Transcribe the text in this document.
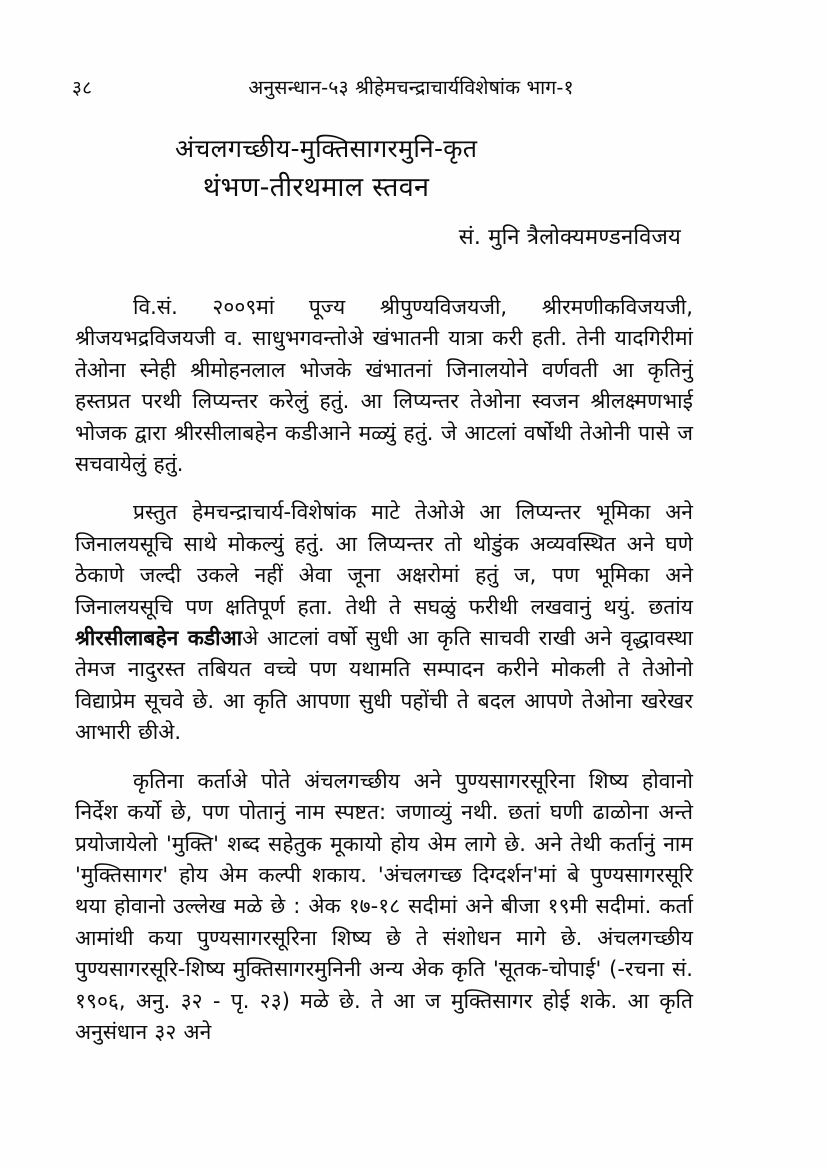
३८	अनुसन्धान-५३ श्रीहेमचन्द्राचार्यविशेषांक भाग-१
अंचलगच्छीय-मुक्तिसागरमुनि-कृत
थंभण-तीरथमाल स्तवन
सं. मुनि त्रैलोक्यमण्डनविजय

वि.सं. २००९मां पूज्य श्रीपुण्यविजयजी, श्रीरमणीकविजयजी, श्रीजयभद्रविजयजी व. साधुभगवन्तोअे खंभातनी यात्रा करी हती. तेनी यादगिरीमां तेओना स्नेही श्रीमोहनलाल भोजके खंभातनां जिनालयोने वर्णवती आ कृतिनुं हस्तप्रत परथी लिप्यन्तर करेलुं हतुं. आ लिप्यन्तर तेओना स्वजन श्रीलक्ष्मणभाई भोजक द्वारा श्रीरसीलाबहेन कडीआने मळ्युं हतुं. जे आटलां वर्षोथी तेओनी पासे ज सचवायेलुं हतुं.

प्रस्तुत हेमचन्द्राचार्य-विशेषांक माटे तेओअे आ लिप्यन्तर भूमिका अने जिनालयसूचि साथे मोकल्युं हतुं. आ लिप्यन्तर तो थोडुंक अव्यवस्थित अने घणे ठेकाणे जल्दी उकले नहीं अेवा जूना अक्षरोमां हतुं ज, पण भूमिका अने जिनालयसूचि पण क्षतिपूर्ण हता. तेथी ते सघळुं फरीथी लखवानुं थयुं. छतांय श्रीरसीलाबहेन कडीआअे आटलां वर्षो सुधी आ कृति साचवी राखी अने वृद्धावस्था तेमज नादुरस्त तबियत वच्चे पण यथामति सम्पादन करीने मोकली ते तेओनो विद्याप्रेम सूचवे छे. आ कृति आपणा सुधी पहोंची ते बदल आपणे तेओना खरेखर आभारी छीअे.

कृतिना कर्ताअे पोते अंचलगच्छीय अने पुण्यसागरसूरिना शिष्य होवानो निर्देश कर्यो छे, पण पोतानुं नाम स्पष्टत: जणाव्युं नथी. छतां घणी ढाळोना अन्ते प्रयोजायेलो 'मुक्ति' शब्द सहेतुक मूकायो होय अेम लागे छे. अने तेथी कर्तानुं नाम 'मुक्तिसागर' होय अेम कल्पी शकाय. 'अंचलगच्छ दिग्दर्शन'मां बे पुण्यसागरसूरि थया होवानो उल्लेख मळे छे : अेक १७-१८ सदीमां अने बीजा १९मी सदीमां. कर्ता आमांथी कया पुण्यसागरसूरिना शिष्य छे ते संशोधन मागे छे. अंचलगच्छीय पुण्यसागरसूरि-शिष्य मुक्तिसागरमुनिनी अन्य अेक कृति 'सूतक-चोपाई' (-रचना सं. १९०६, अनु. ३२ - पृ. २३) मळे छे. ते आ ज मुक्तिसागर होई शके. आ कृति अनुसंधान ३२ अने
